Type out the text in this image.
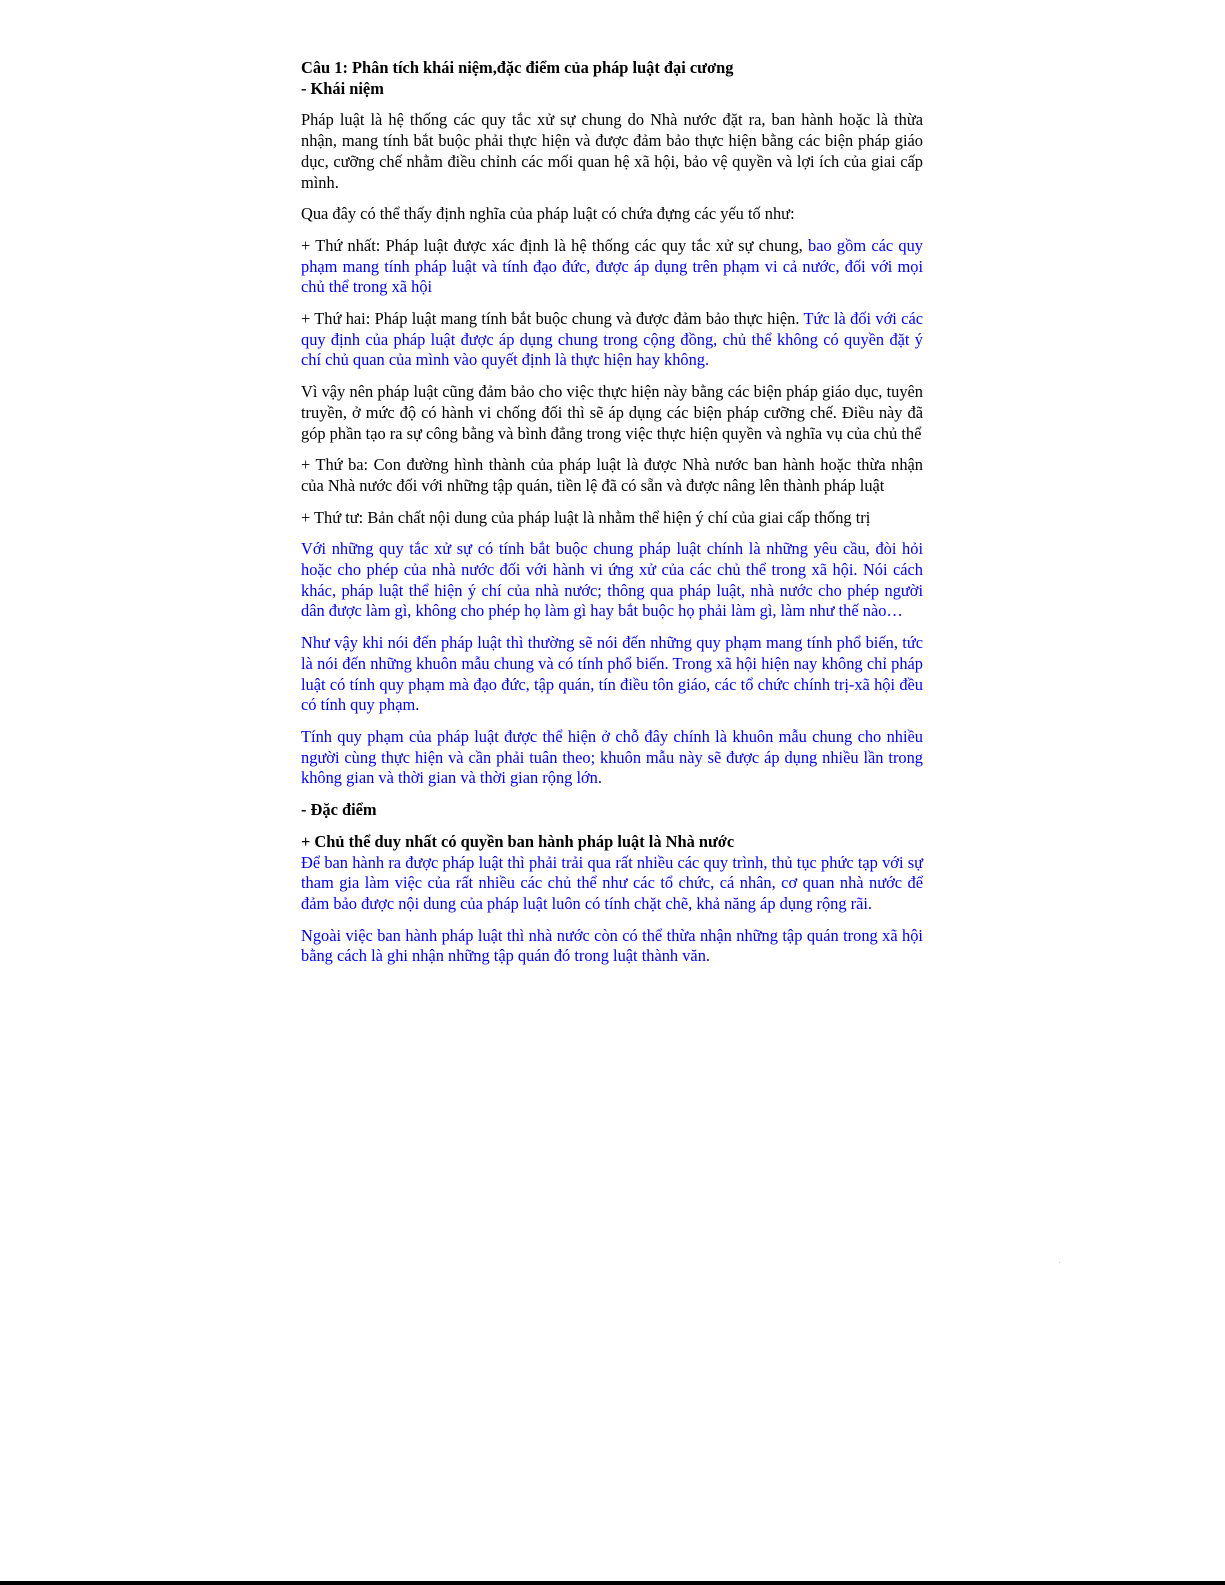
Câu 1: Phân tích khái niệm,đặc điểm của pháp luật đại cương

- Khái niệm

Pháp luật là hệ thống các quy tắc xử sự chung do Nhà nước đặt ra, ban hành hoặc là thừa nhận, mang tính bắt buộc phải thực hiện và được đảm bảo thực hiện bằng các biện pháp giáo dục, cưỡng chế nhằm điều chỉnh các mối quan hệ xã hội, bảo vệ quyền và lợi ích của giai cấp mình.

Qua đây có thể thấy định nghĩa của pháp luật có chứa đựng các yếu tố như:

+ Thứ nhất: Pháp luật được xác định là hệ thống các quy tắc xử sự chung, bao gồm các quy phạm mang tính pháp luật và tính đạo đức, được áp dụng trên phạm vi cả nước, đối với mọi chủ thể trong xã hội

+ Thứ hai: Pháp luật mang tính bắt buộc chung và được đảm bảo thực hiện. Tức là đối với các quy định của pháp luật được áp dụng chung trong cộng đồng, chủ thể không có quyền đặt ý chí chủ quan của mình vào quyết định là thực hiện hay không.

Vì vậy nên pháp luật cũng đảm bảo cho việc thực hiện này bằng các biện pháp giáo dục, tuyên truyền, ở mức độ có hành vi chống đối thì sẽ áp dụng các biện pháp cưỡng chế. Điều này đã góp phần tạo ra sự công bằng và bình đẳng trong việc thực hiện quyền và nghĩa vụ của chủ thể

+ Thứ ba: Con đường hình thành của pháp luật là được Nhà nước ban hành hoặc thừa nhận của Nhà nước đối với những tập quán, tiền lệ đã có sẵn và được nâng lên thành pháp luật

+ Thứ tư: Bản chất nội dung của pháp luật là nhằm thể hiện ý chí của giai cấp thống trị

Với những quy tắc xử sự có tính bắt buộc chung pháp luật chính là những yêu cầu, đòi hỏi hoặc cho phép của nhà nước đối với hành vi ứng xử của các chủ thể trong xã hội. Nói cách khác, pháp luật thể hiện ý chí của nhà nước; thông qua pháp luật, nhà nước cho phép người dân được làm gì, không cho phép họ làm gì hay bắt buộc họ phải làm gì, làm như thế nào…

Như vậy khi nói đến pháp luật thì thường sẽ nói đến những quy phạm mang tính phổ biến, tức là nói đến những khuôn mẫu chung và có tính phổ biến. Trong xã hội hiện nay không chỉ pháp luật có tính quy phạm mà đạo đức, tập quán, tín điều tôn giáo, các tổ chức chính trị-xã hội đều có tính quy phạm.

Tính quy phạm của pháp luật được thể hiện ở chỗ đây chính là khuôn mẫu chung cho nhiều người cùng thực hiện và cần phải tuân theo; khuôn mẫu này sẽ được áp dụng nhiều lần trong không gian và thời gian và thời gian rộng lớn.

- Đặc điểm

+ Chủ thể duy nhất có quyền ban hành pháp luật là Nhà nước

Để ban hành ra được pháp luật thì phải trải qua rất nhiều các quy trình, thủ tục phức tạp với sự tham gia làm việc của rất nhiều các chủ thể như các tổ chức, cá nhân, cơ quan nhà nước để đảm bảo được nội dung của pháp luật luôn có tính chặt chẽ, khả năng áp dụng rộng rãi.

Ngoài việc ban hành pháp luật thì nhà nước còn có thể thừa nhận những tập quán trong xã hội bằng cách là ghi nhận những tập quán đó trong luật thành văn.
